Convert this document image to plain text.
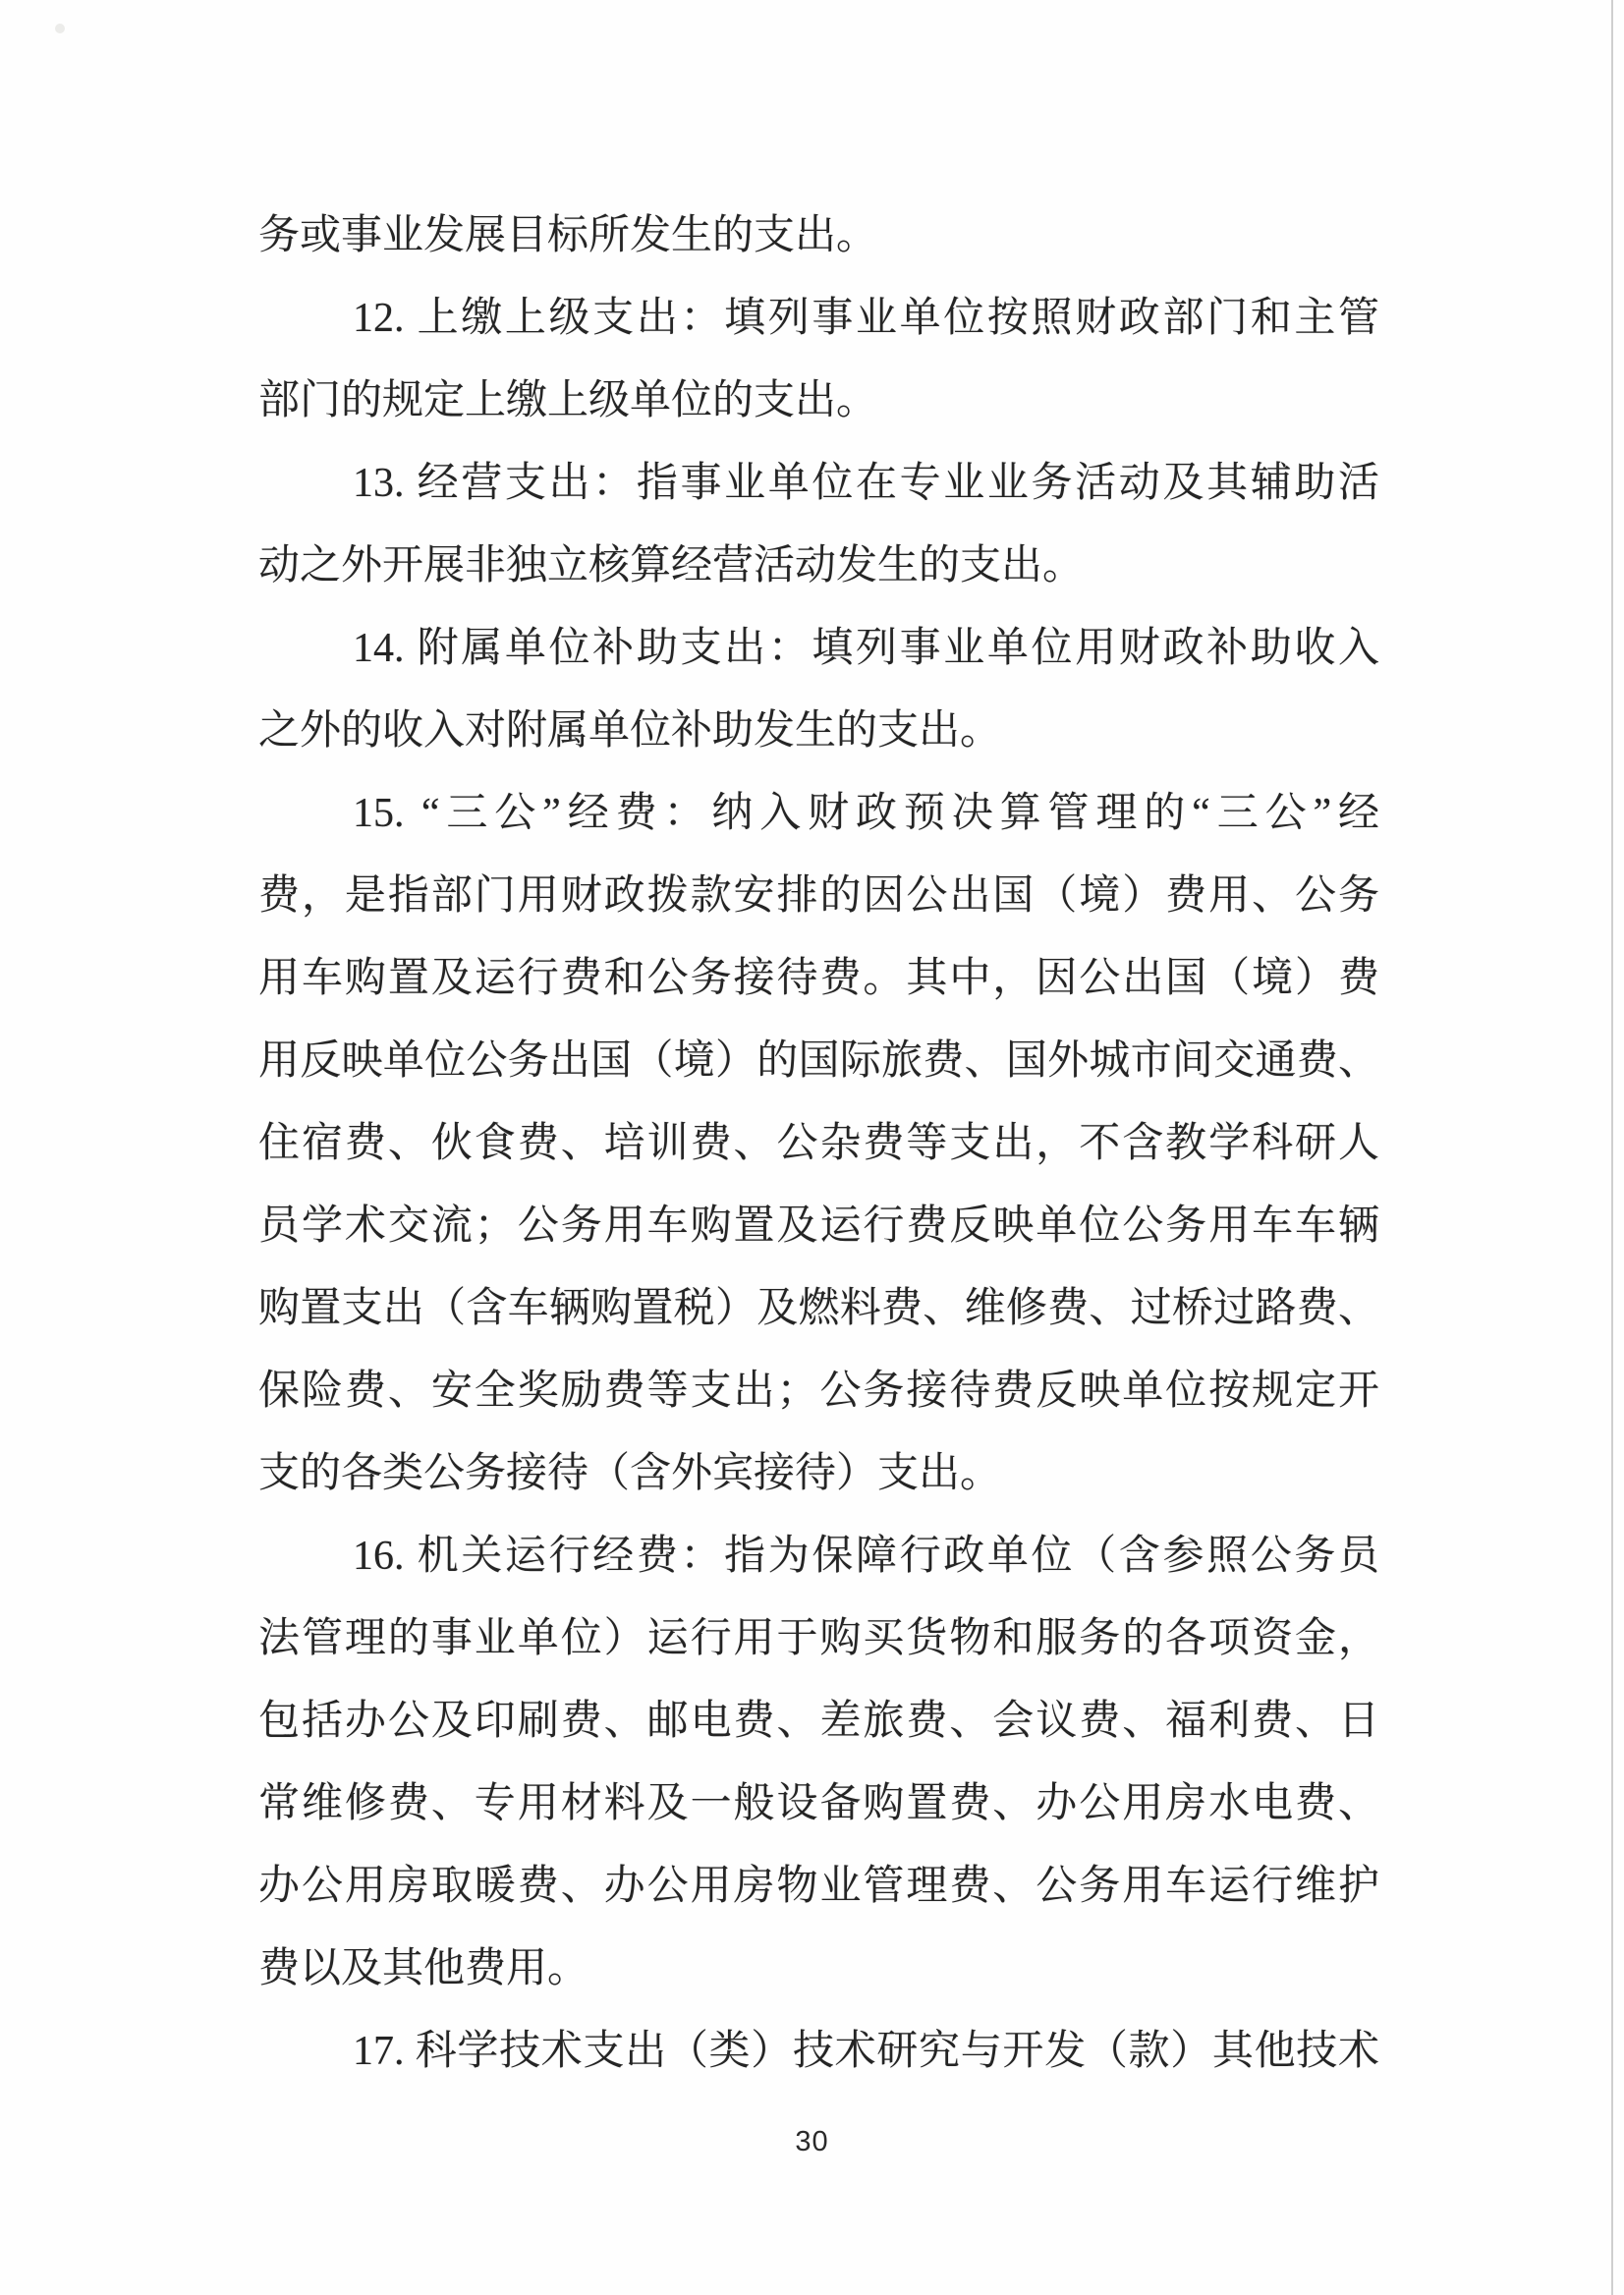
务或事业发展目标所发生的支出。
12. 上缴上级支出：填列事业单位按照财政部门和主管
部门的规定上缴上级单位的支出。
13. 经营支出：指事业单位在专业业务活动及其辅助活
动之外开展非独立核算经营活动发生的支出。
14. 附属单位补助支出：填列事业单位用财政补助收入
之外的收入对附属单位补助发生的支出。
15. “三公”经费：纳入财政预决算管理的“三公”经
费，是指部门用财政拨款安排的因公出国（境）费用、公务
用车购置及运行费和公务接待费。其中，因公出国（境）费
用反映单位公务出国（境）的国际旅费、国外城市间交通费、
住宿费、伙食费、培训费、公杂费等支出，不含教学科研人
员学术交流；公务用车购置及运行费反映单位公务用车车辆
购置支出（含车辆购置税）及燃料费、维修费、过桥过路费、
保险费、安全奖励费等支出；公务接待费反映单位按规定开
支的各类公务接待（含外宾接待）支出。
16. 机关运行经费：指为保障行政单位（含参照公务员
法管理的事业单位）运行用于购买货物和服务的各项资金，
包括办公及印刷费、邮电费、差旅费、会议费、福利费、日
常维修费、专用材料及一般设备购置费、办公用房水电费、
办公用房取暖费、办公用房物业管理费、公务用车运行维护
费以及其他费用。
17. 科学技术支出（类）技术研究与开发（款）其他技术
30
